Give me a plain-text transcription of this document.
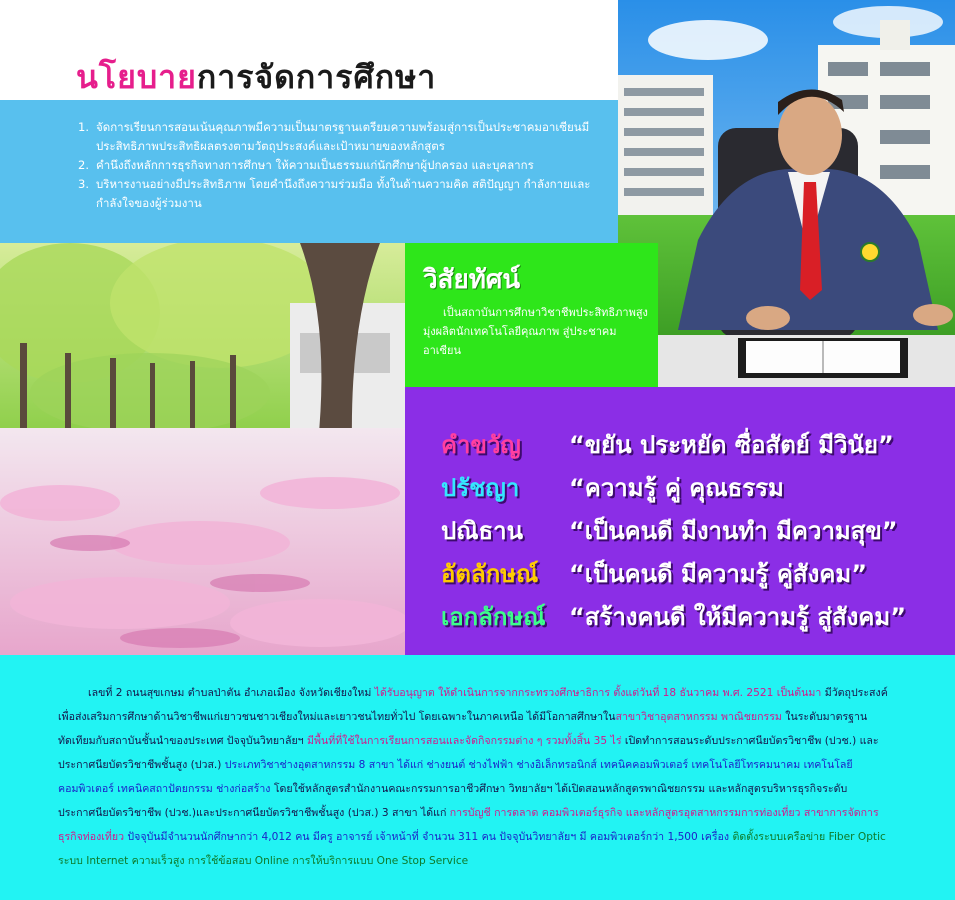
นโยบายการจัดการศึกษา
1. จัดการเรียนการสอนเน้นคุณภาพมีความเป็นมาตรฐานเตรียมความพร้อมสู่การเป็นประชาคมอาเซียนมีประสิทธิภาพประสิทธิผลตรงตามวัตถุประสงค์และเป้าหมายของหลักสูตร
2. คำนึงถึงหลักการธุรกิจทางการศึกษา ให้ความเป็นธรรมแก่นักศึกษาผู้ปกครอง และบุคลากร
3. บริหารงานอย่างมีประสิทธิภาพ โดยคำนึงถึงความร่วมมือ ทั้งในด้านความคิด สติปัญญา กำลังกายและกำลังใจของผู้ร่วมงาน
วิสัยทัศน์
เป็นสถาบันการศึกษาวิชาชีพประสิทธิภาพสูง
มุ่งผลิตนักเทคโนโลยีคุณภาพ สู่ประชาคมอาเซียน
คำขวัญ “ขยัน ประหยัด ซื่อสัตย์ มีวินัย”
ปรัชญา “ความรู้ คู่ คุณธรรม
ปณิธาน “เป็นคนดี มีงานทำ มีความสุข”
อัตลักษณ์ “เป็นคนดี มีความรู้ คู่สังคม”
เอกลักษณ์ “สร้างคนดี ให้มีความรู้ สู่สังคม”

เลขที่ 2 ถนนสุขเกษม ตำบลป่าตัน อำเภอเมือง จังหวัดเชียงใหม่ ได้รับอนุญาต ให้ดำเนินการจากกระทรวงศึกษาธิการ ตั้งแต่วันที่ 18 ธันวาคม พ.ศ. 2521 เป็นต้นมา มีวัตถุประสงค์เพื่อส่งเสริมการศึกษาด้านวิชาชีพแก่เยาวชนชาวเชียงใหม่และเยาวชนไทยทั่วไป โดยเฉพาะในภาคเหนือ ได้มีโอกาสศึกษาในสาขาวิชาอุตสาหกรรม พาณิชยกรรม ในระดับมาตรฐานทัดเทียมกับสถาบันชั้นนำของประเทศ ปัจจุบันวิทยาลัยฯ มีพื้นที่ที่ใช้ในการเรียนการสอนและจัดกิจกรรมต่าง ๆ รวมทั้งสิ้น 35 ไร่ เปิดทำการสอนระดับประกาศนียบัตรวิชาชีพ (ปวช.) และ ประกาศนียบัตรวิชาชีพชั้นสูง (ปวส.) ประเภทวิชาช่างอุตสาหกรรม 8 สาขา ได้แก่ ช่างยนต์ ช่างไฟฟ้า ช่างอิเล็กทรอนิกส์ เทคนิคคอมพิวเตอร์ เทคโนโลยีโทรคมนาคม เทคโนโลยีคอมพิวเตอร์ เทคนิคสถาปัตยกรรม ช่างก่อสร้าง โดยใช้หลักสูตรสำนักงานคณะกรรมการอาชีวศึกษา วิทยาลัยฯ ได้เปิดสอนหลักสูตรพาณิชยกรรม และหลักสูตรบริหารธุรกิจระดับประกาศนียบัตรวิชาชีพ (ปวช.)และประกาศนียบัตรวิชาชีพชั้นสูง (ปวส.) 3 สาขา ได้แก่ การบัญชี การตลาด คอมพิวเตอร์ธุรกิจ และหลักสูตรอุตสาหกรรมการท่องเที่ยว สาขาการจัดการธุรกิจท่องเที่ยว ปัจจุบันมีจำนวนนักศึกษากว่า 4,012 คน มีครู อาจารย์ เจ้าหน้าที่ จำนวน 311 คน ปัจจุบันวิทยาลัยฯ มี คอมพิวเตอร์กว่า 1,500 เครื่อง ติดตั้งระบบเครือข่าย Fiber Optic ระบบ Internet ความเร็วสูง การใช้ข้อสอบ Online การให้บริการแบบ One Stop Service
